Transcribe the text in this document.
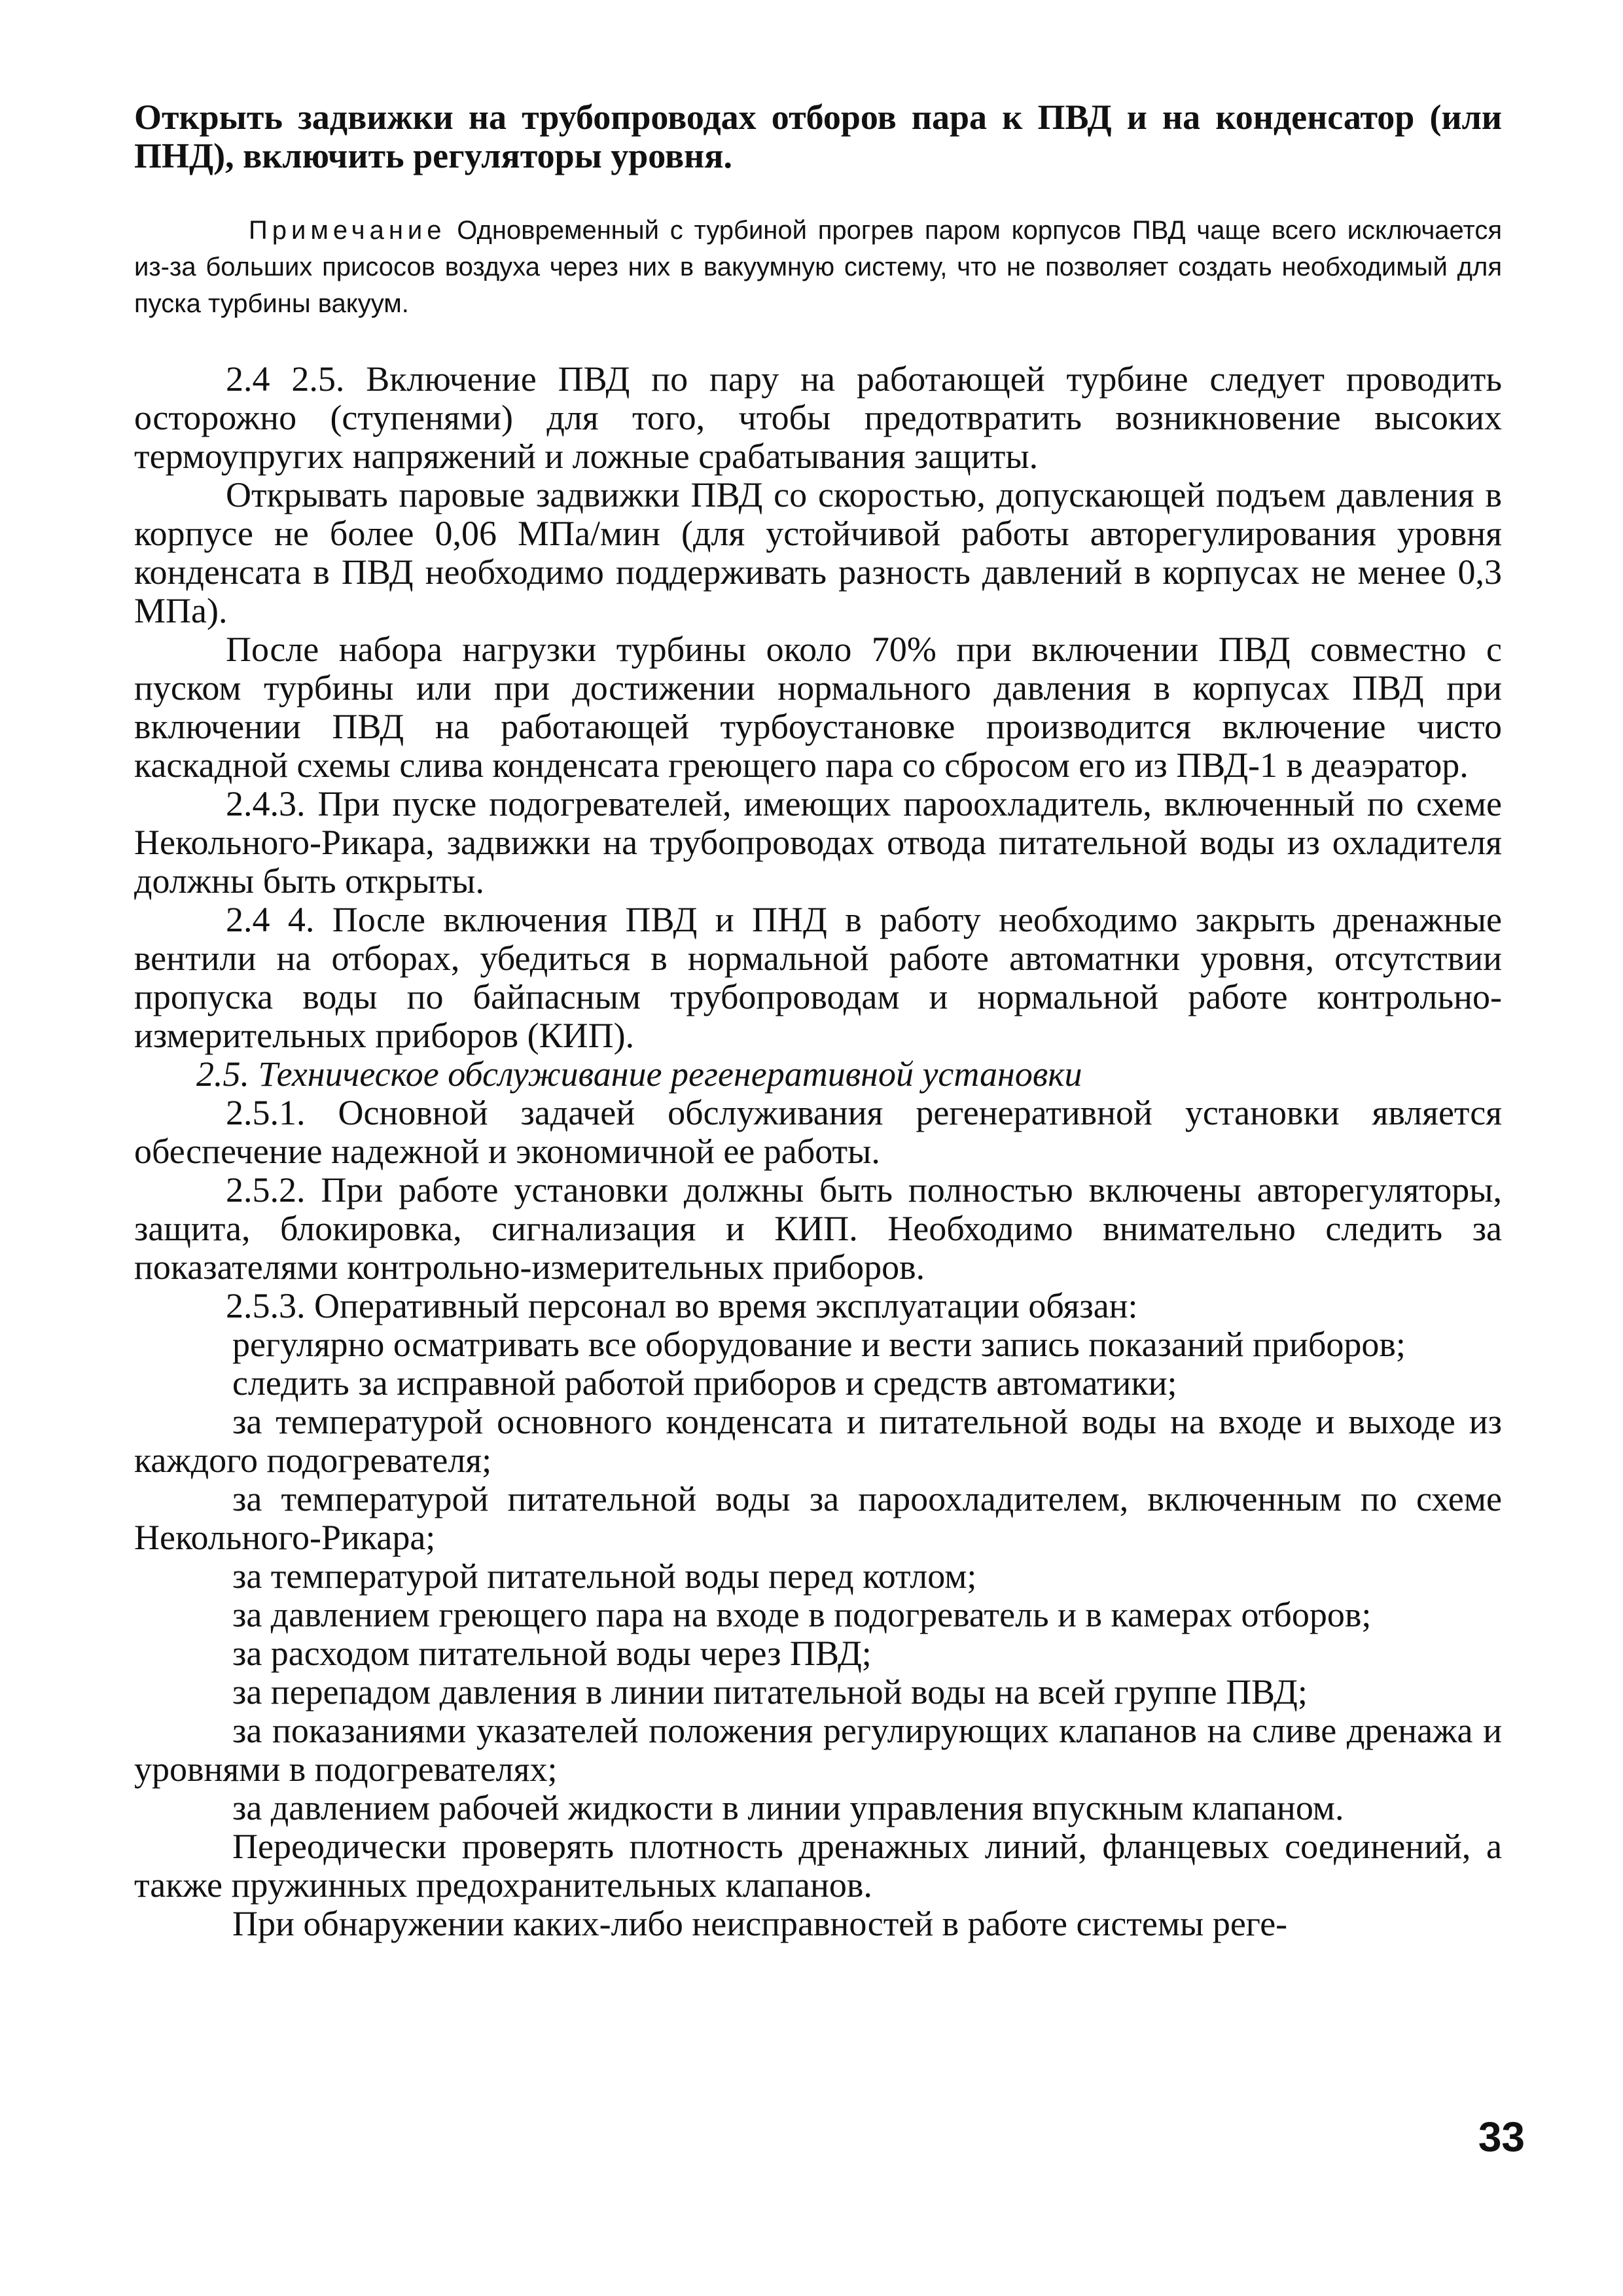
Открыть задвижки на трубопроводах отборов пара к ПВД и на конденсатор (или ПНД), включить регуляторы уровня.

Примечание Одновременный с турбиной прогрев паром корпусов ПВД чаще всего исключается из-за больших присосов воздуха через них в вакуумную систему, что не позволяет создать необходимый для пуска турбины вакуум.

2.4 2.5. Включение ПВД по пару на работающей турбине следует проводить осторожно (ступенями) для того, чтобы предотвратить возникновение высоких термоупругих напряжений и ложные срабатывания защиты.

Открывать паровые задвижки ПВД со скоростью, допускающей подъем давления в корпусе не более 0,06 МПа/мин (для устойчивой работы авторегулирования уровня конденсата в ПВД необходимо поддерживать разность давлений в корпусах не менее 0,3 МПа).

После набора нагрузки турбины около 70% при включении ПВД совместно с пуском турбины или при достижении нормального давления в корпусах ПВД при включении ПВД на работающей турбоустановке производится включение чисто каскадной схемы слива конденсата греющего пара со сбросом его из ПВД-1 в деаэратор.

2.4.3. При пуске подогревателей, имеющих пароохладитель, включенный по схеме Некольного-Рикара, задвижки на трубопроводах отвода питательной воды из охладителя должны быть открыты.

2.4 4. После включения ПВД и ПНД в работу необходимо закрыть дренажные вентили на отборах, убедиться в нормальной работе автоматнки уровня, отсутствии пропуска воды по байпасным трубопроводам и нормальной работе контрольно-измерительных приборов (КИП).

2.5. Техническое обслуживание регенеративной установки

2.5.1. Основной задачей обслуживания регенеративной установки является обеспечение надежной и экономичной ее работы.

2.5.2. При работе установки должны быть полностью включены авторегуляторы, защита, блокировка, сигнализация и КИП. Необходимо внимательно следить за показателями контрольно-измерительных приборов.

2.5.3. Оперативный персонал во время эксплуатации обязан:

регулярно осматривать все оборудование и вести запись показаний приборов;

следить за исправной работой приборов и средств автоматики;

за температурой основного конденсата и питательной воды на входе и выходе из каждого подогревателя;

за температурой питательной воды за пароохладителем, включенным по схеме Некольного-Рикара;

за температурой питательной воды перед котлом;

за давлением греющего пара на входе в подогреватель и в камерах отборов;

за расходом питательной воды через ПВД;

за перепадом давления в линии питательной воды на всей группе ПВД;

за показаниями указателей положения регулирующих клапанов на сливе дренажа и уровнями в подогревателях;

за давлением рабочей жидкости в линии управления впускным клапаном.

Переодически проверять плотность дренажных линий, фланцевых соединений, а также пружинных предохранительных клапанов.

При обнаружении каких-либо неисправностей в работе системы реге-

33
